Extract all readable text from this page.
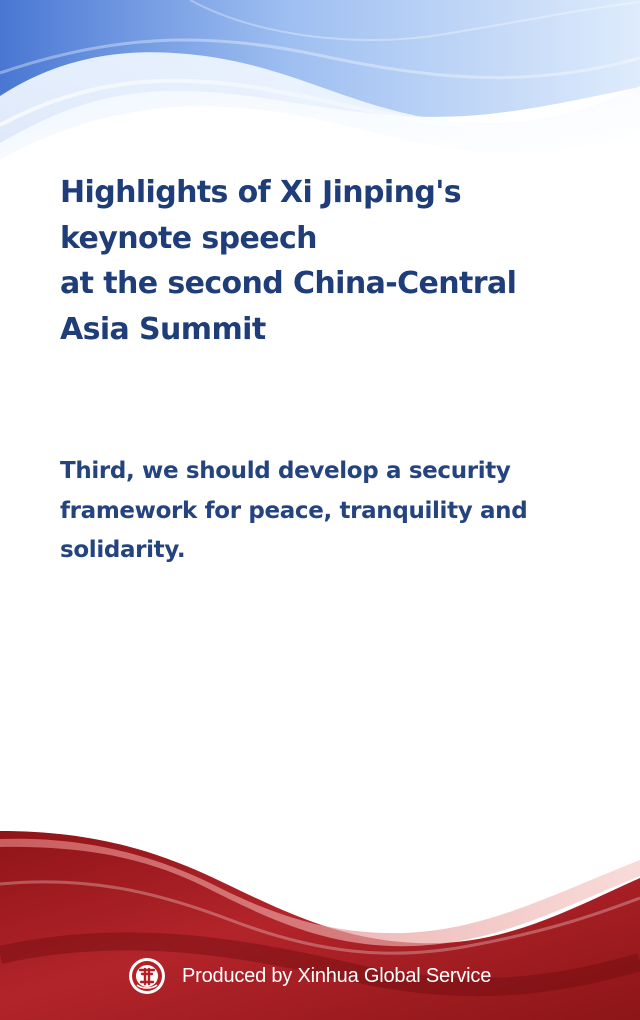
Highlights of Xi Jinping's
keynote speech
at the second China-Central
Asia Summit

Third, we should develop a security
framework for peace, tranquility and
solidarity.

Produced by Xinhua Global Service
